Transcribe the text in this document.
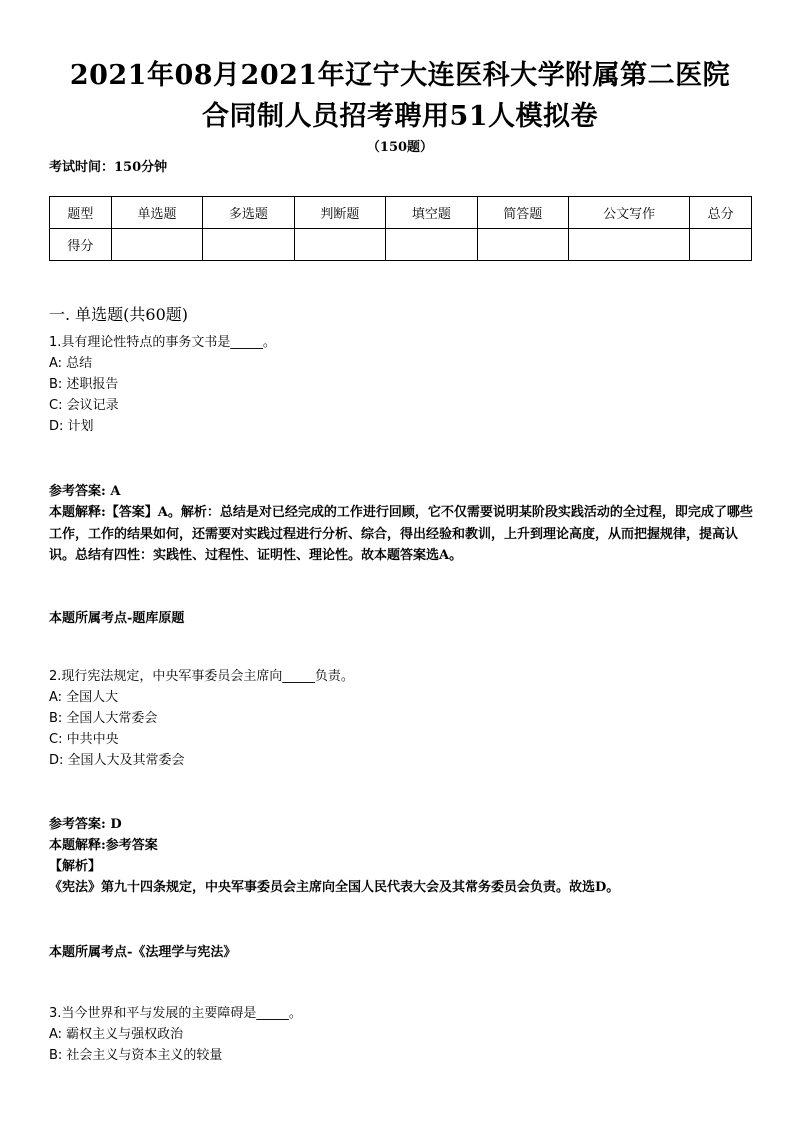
2021年08月2021年辽宁大连医科大学附属第二医院
合同制人员招考聘用51人模拟卷
（150题）
考试时间：150分钟
题型	单选题	多选题	判断题	填空题	简答题	公文写作	总分
得分							
一. 单选题(共60题)
1.具有理论性特点的事务文书是_____。
A: 总结
B: 述职报告
C: 会议记录
D: 计划
参考答案: A
本题解释:【答案】A。解析：总结是对已经完成的工作进行回顾，它不仅需要说明某阶段实践活动的全过程，即完成了哪些工作，工作的结果如何，还需要对实践过程进行分析、综合，得出经验和教训，上升到理论高度，从而把握规律，提高认识。总结有四性：实践性、过程性、证明性、理论性。故本题答案选A。
本题所属考点-题库原题
2.现行宪法规定，中央军事委员会主席向_____负责。
A: 全国人大
B: 全国人大常委会
C: 中共中央
D: 全国人大及其常委会
参考答案: D
本题解释:参考答案
【解析】
《宪法》第九十四条规定，中央军事委员会主席向全国人民代表大会及其常务委员会负责。故选D。
本题所属考点-《法理学与宪法》
3.当今世界和平与发展的主要障碍是_____。
A: 霸权主义与强权政治
B: 社会主义与资本主义的较量
